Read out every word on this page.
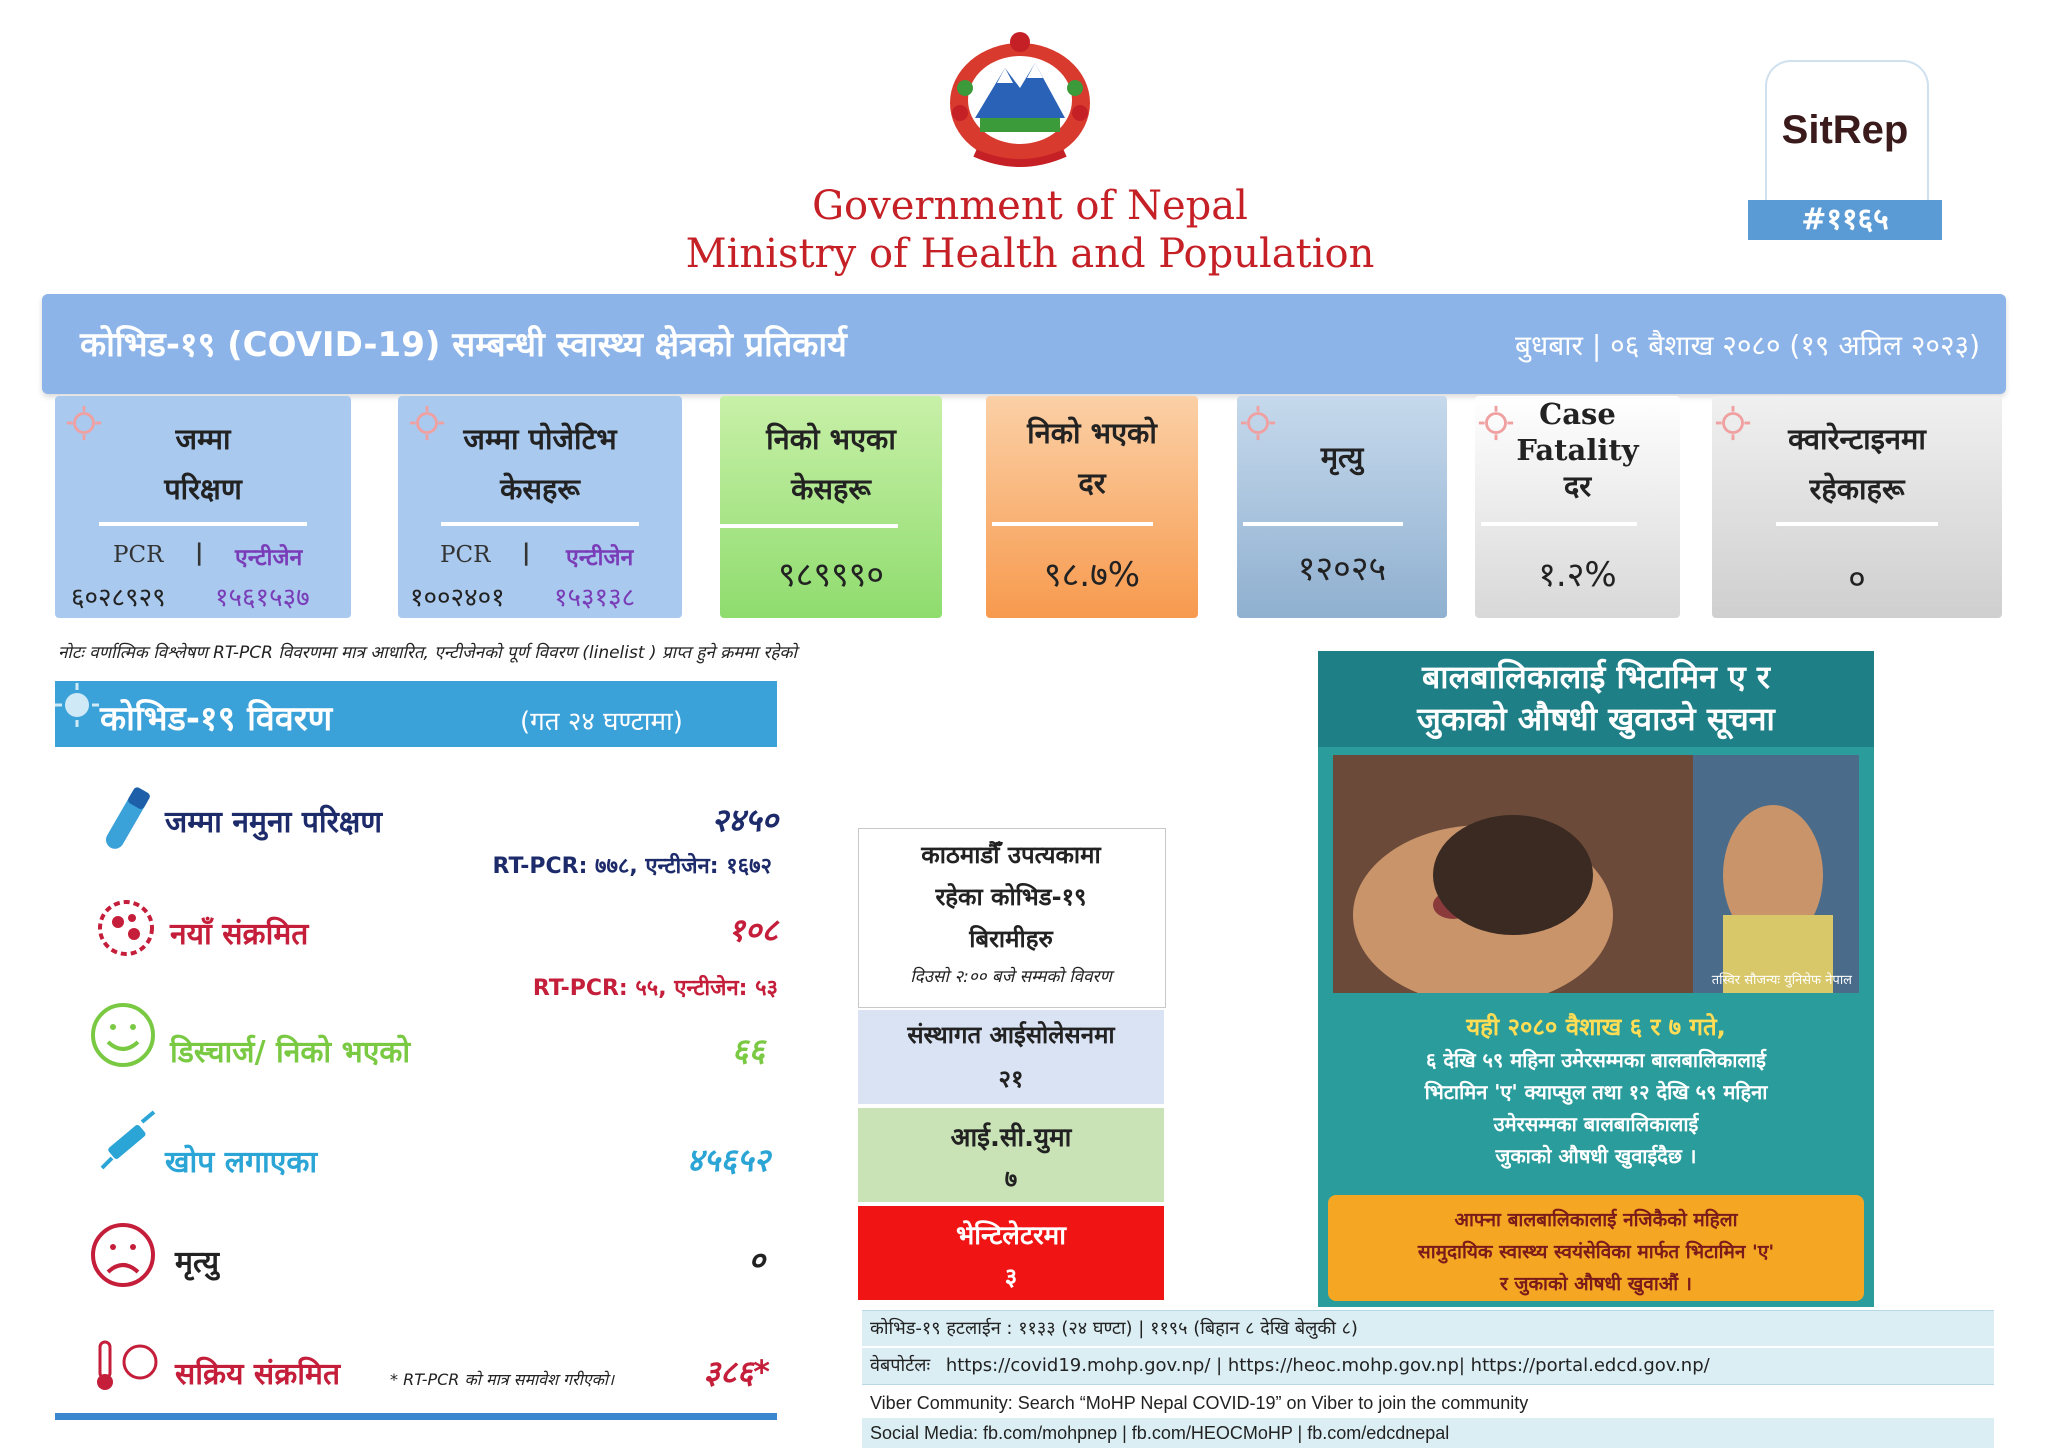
Government of Nepal
Ministry of Health and Population
SitRep
#११६५
कोभिड-१९ (COVID-19) सम्बन्धी स्वास्थ्य क्षेत्रको प्रतिकार्य	बुधबार | ०६ बैशाख २०८० (१९ अप्रिल २०२३)
जम्मा
परिक्षण
PCR | एन्टीजेन
६०२८९२९ १५६१५३७
जम्मा पोजेटिभ
केसहरू
PCR | एन्टीजेन
१००२४०१ १५३१३८
निको भएका
केसहरू
९८९९९०
निको भएको
दर
९८.७%
मृत्यु
१२०२५
Case
Fatality
दर
१.२%
क्वारेन्टाइनमा
रहेकाहरू
०
नोटः वर्णात्मिक विश्लेषण RT-PCR विवरणमा मात्र आधारित, एन्टीजेनको पूर्ण विवरण (linelist ) प्राप्त हुने क्रममा रहेको
कोभिड-१९ विवरण	(गत २४ घण्टामा)
जम्मा नमुना परिक्षण	२४५०
RT-PCR: ७७८, एन्टीजेन: १६७२
नयाँ संक्रमित	१०८
RT-PCR: ५५, एन्टीजेन: ५३
डिस्चार्ज/ निको भएको	६६
खोप लगाएका	४५६५२
मृत्यु	०
सक्रिय संक्रमित	* RT-PCR को मात्र समावेश गरीएको।	३८६*
काठमाडौँ उपत्यकामा
रहेका कोभिड-१९
बिरामीहरु
दिउसो २:०० बजे सम्मको विवरण
संस्थागत आईसोलेसनमा
२१
आई.सी.युमा
७
भेन्टिलेटरमा
३
बालबालिकालाई भिटामिन ए र
जुकाको औषधी खुवाउने सूचना
तस्विर सौजन्यः युनिसेफ नेपाल
यही २०८० वैशाख ६ र ७ गते,
६ देखि ५९ महिना उमेरसम्मका बालबालिकालाई
भिटामिन 'ए' क्याप्सुल तथा १२ देखि ५९ महिना
उमेरसम्मका बालबालिकालाई
जुकाको औषधी खुवाईदैछ ।
आफ्ना बालबालिकालाई नजिकैको महिला
सामुदायिक स्वास्थ्य स्वयंसेविका मार्फत भिटामिन 'ए'
र जुकाको औषधी खुवाऔं ।
कोभिड-१९ हटलाईन : ११३३ (२४ घण्टा) | ११९५ (बिहान ८ देखि बेलुकी ८)
वेबपोर्टलः https://covid19.mohp.gov.np/ | https://heoc.mohp.gov.np| https://portal.edcd.gov.np/
Viber Community: Search “MoHP Nepal COVID-19” on Viber to join the community
Social Media: fb.com/mohpnep | fb.com/HEOCMoHP | fb.com/edcdnepal
